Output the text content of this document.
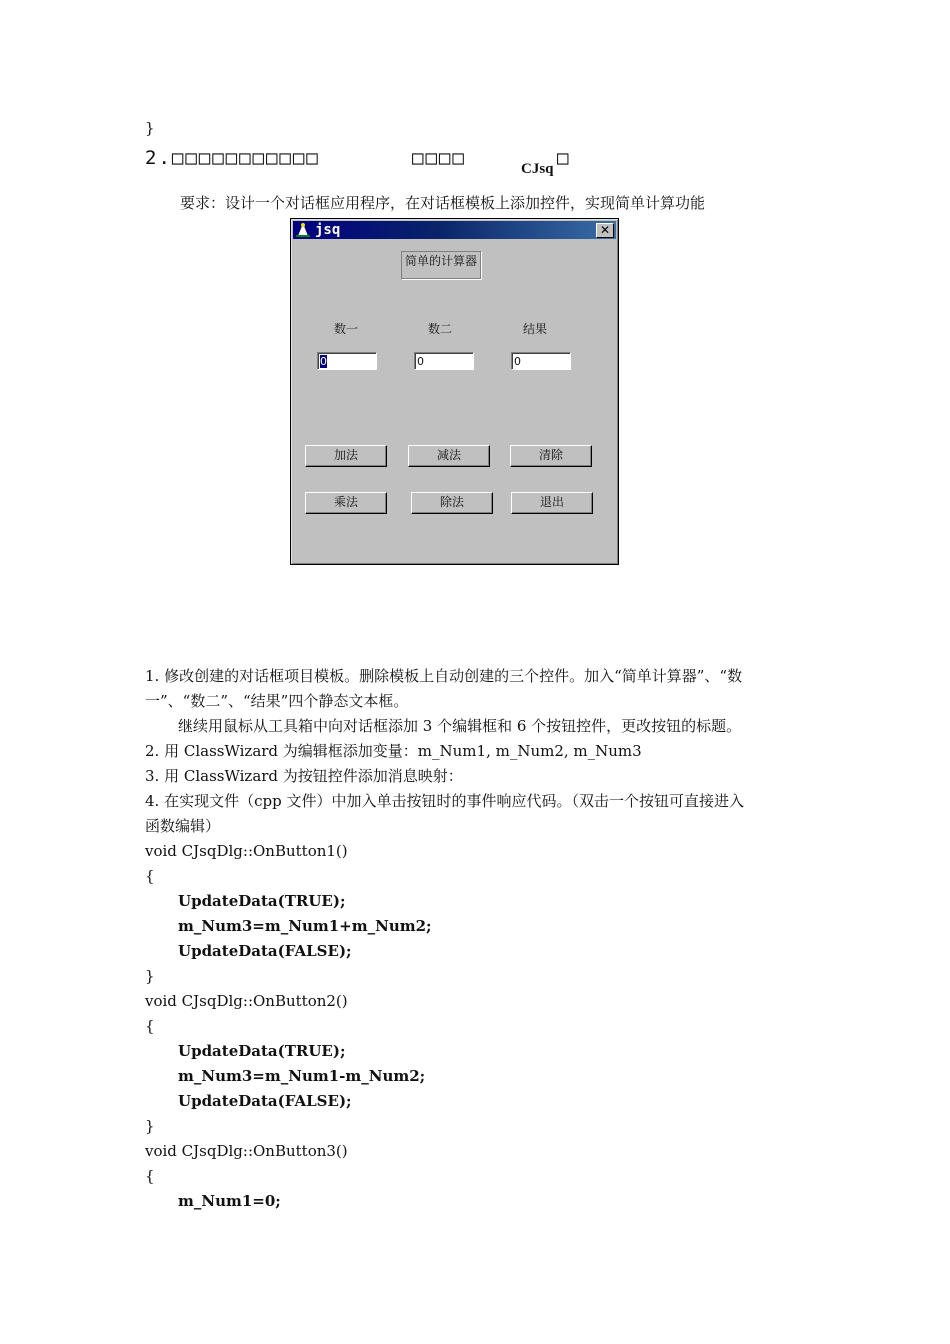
}
2.□□□□□□□□□□□	□□□□	CJsq □
要求：设计一个对话框应用程序，在对话框模板上添加控件，实现简单计算功能
jsq	✕
简单的计算器
数一	数二	结果
0	0	0
加法	减法	清除
乘法	除法	退出
1. 修改创建的对话框项目模板。删除模板上自动创建的三个控件。加入“简单计算器”、“数
一”、“数二”、“结果”四个静态文本框。
继续用鼠标从工具箱中向对话框添加 3 个编辑框和 6 个按钮控件，更改按钮的标题。
2. 用 ClassWizard 为编辑框添加变量：m_Num1, m_Num2, m_Num3
3. 用 ClassWizard 为按钮控件添加消息映射：
4. 在实现文件（cpp 文件）中加入单击按钮时的事件响应代码。（双击一个按钮可直接进入
函数编辑）
void CJsqDlg::OnButton1()
{
UpdateData(TRUE);
m_Num3=m_Num1+m_Num2;
UpdateData(FALSE);
}
void CJsqDlg::OnButton2()
{
UpdateData(TRUE);
m_Num3=m_Num1-m_Num2;
UpdateData(FALSE);
}
void CJsqDlg::OnButton3()
{
m_Num1=0;
